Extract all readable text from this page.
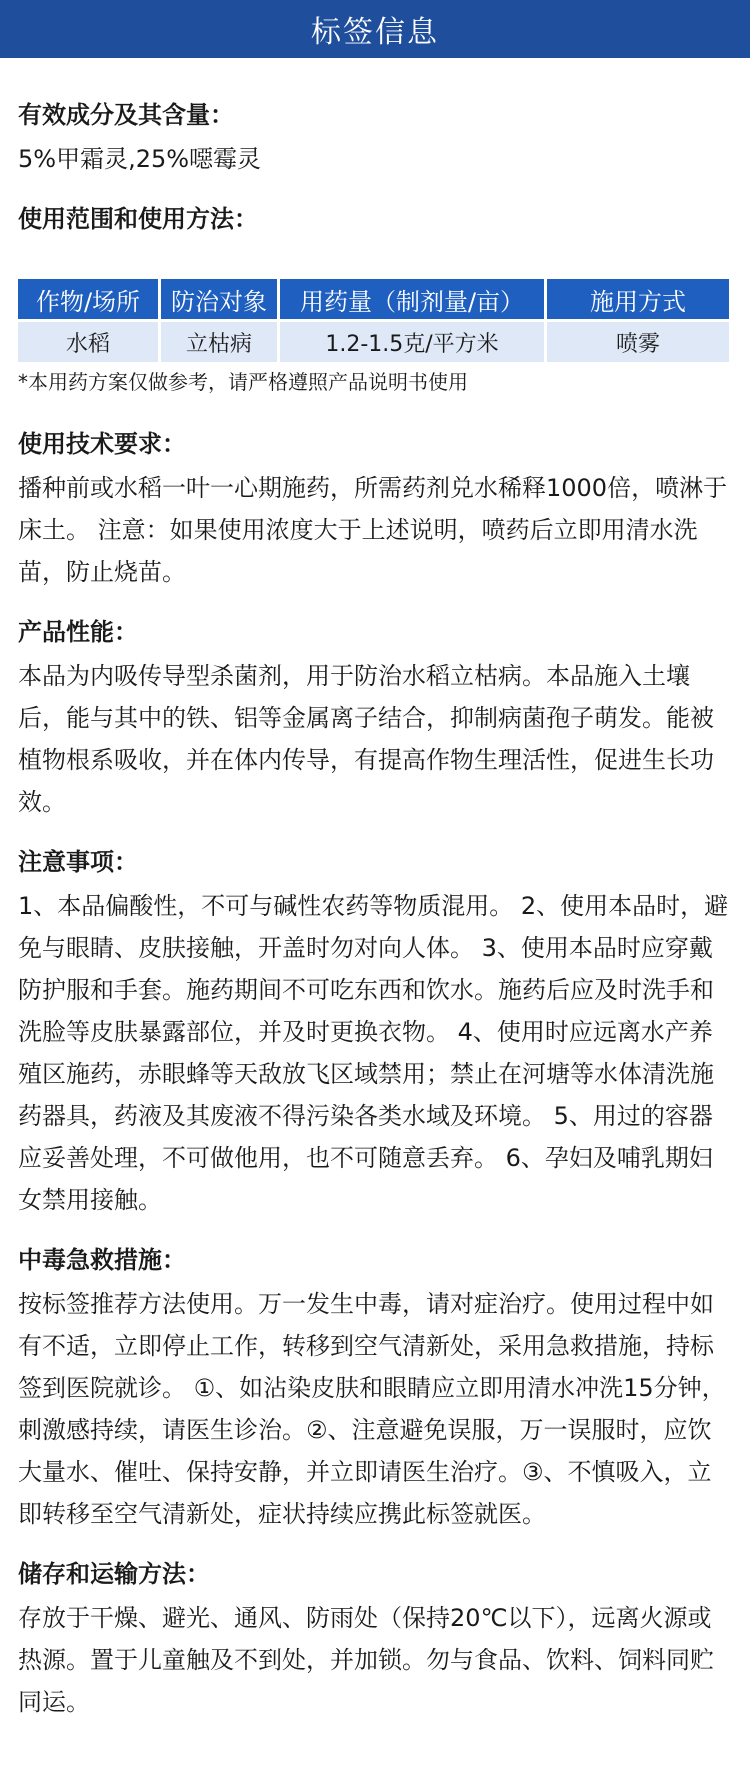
标签信息
有效成分及其含量：
5%甲霜灵,25%噁霉灵
使用范围和使用方法：
作物/场所	防治对象	用药量（制剂量/亩）	施用方式
水稻	立枯病	1.2-1.5克/平方米	喷雾
*本用药方案仅做参考，请严格遵照产品说明书使用
使用技术要求：
播种前或水稻一叶一心期施药，所需药剂兑水稀释1000倍，喷淋于床土。 注意：如果使用浓度大于上述说明，喷药后立即用清水洗苗，防止烧苗。
产品性能：
本品为内吸传导型杀菌剂，用于防治水稻立枯病。本品施入土壤后，能与其中的铁、铝等金属离子结合，抑制病菌孢子萌发。能被植物根系吸收，并在体内传导，有提高作物生理活性，促进生长功效。
注意事项：
1、本品偏酸性，不可与碱性农药等物质混用。 2、使用本品时，避免与眼睛、皮肤接触，开盖时勿对向人体。 3、使用本品时应穿戴防护服和手套。施药期间不可吃东西和饮水。施药后应及时洗手和洗脸等皮肤暴露部位，并及时更换衣物。 4、使用时应远离水产养殖区施药，赤眼蜂等天敌放飞区域禁用；禁止在河塘等水体清洗施药器具，药液及其废液不得污染各类水域及环境。 5、用过的容器应妥善处理，不可做他用，也不可随意丢弃。 6、孕妇及哺乳期妇女禁用接触。
中毒急救措施：
按标签推荐方法使用。万一发生中毒，请对症治疗。使用过程中如有不适，立即停止工作，转移到空气清新处，采用急救措施，持标签到医院就诊。 ①、如沾染皮肤和眼睛应立即用清水冲洗15分钟，刺激感持续，请医生诊治。②、注意避免误服，万一误服时，应饮大量水、催吐、保持安静，并立即请医生治疗。③、不慎吸入，立即转移至空气清新处，症状持续应携此标签就医。
储存和运输方法：
存放于干燥、避光、通风、防雨处（保持20℃以下），远离火源或热源。置于儿童触及不到处，并加锁。勿与食品、饮料、饲料同贮同运。
